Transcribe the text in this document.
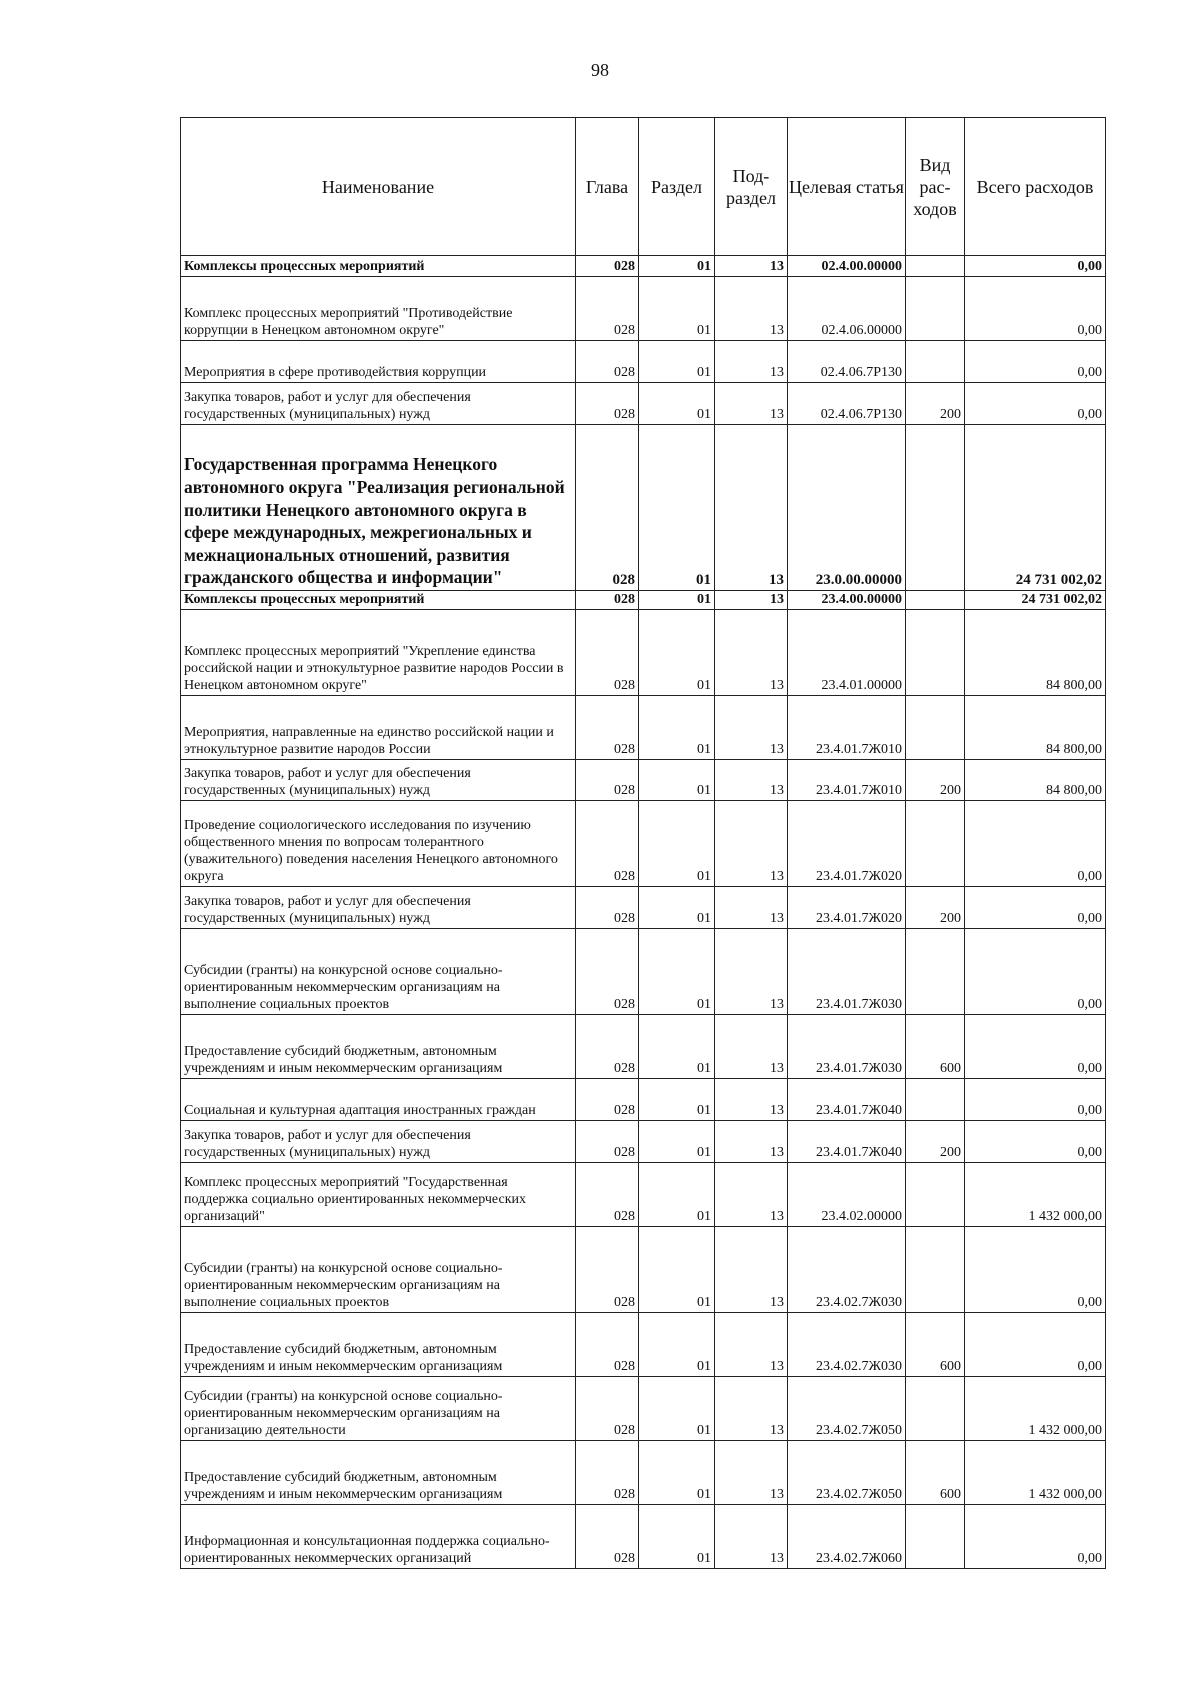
98
Наименование	Глава	Раздел	Под-раздел	Целевая статья	Вид рас-ходов	Всего расходов
Комплексы процессных мероприятий	028	01	13	02.4.00.00000		0,00
Комплекс процессных мероприятий "Противодействие коррупции в Ненецком автономном округе"	028	01	13	02.4.06.00000		0,00
Мероприятия в сфере противодействия коррупции	028	01	13	02.4.06.7Р130		0,00
Закупка товаров, работ и услуг для обеспечения государственных (муниципальных) нужд	028	01	13	02.4.06.7Р130	200	0,00
Государственная программа Ненецкого автономного округа "Реализация региональной политики Ненецкого автономного округа в сфере международных, межрегиональных и межнациональных отношений, развития гражданского общества и информации"	028	01	13	23.0.00.00000		24 731 002,02
Комплексы процессных мероприятий	028	01	13	23.4.00.00000		24 731 002,02
Комплекс процессных мероприятий "Укрепление единства российской нации и этнокультурное развитие народов России в Ненецком автономном округе"	028	01	13	23.4.01.00000		84 800,00
Мероприятия, направленные на единство российской нации и этнокультурное развитие народов России	028	01	13	23.4.01.7Ж010		84 800,00
Закупка товаров, работ и услуг для обеспечения государственных (муниципальных) нужд	028	01	13	23.4.01.7Ж010	200	84 800,00
Проведение социологического исследования по изучению общественного мнения по вопросам толерантного (уважительного) поведения населения Ненецкого автономного округа	028	01	13	23.4.01.7Ж020		0,00
Закупка товаров, работ и услуг для обеспечения государственных (муниципальных) нужд	028	01	13	23.4.01.7Ж020	200	0,00
Субсидии (гранты) на конкурсной основе социально-ориентированным некоммерческим организациям на выполнение социальных проектов	028	01	13	23.4.01.7Ж030		0,00
Предоставление субсидий бюджетным, автономным учреждениям и иным некоммерческим организациям	028	01	13	23.4.01.7Ж030	600	0,00
Социальная и культурная адаптация иностранных граждан	028	01	13	23.4.01.7Ж040		0,00
Закупка товаров, работ и услуг для обеспечения государственных (муниципальных) нужд	028	01	13	23.4.01.7Ж040	200	0,00
Комплекс процессных мероприятий "Государственная поддержка социально ориентированных некоммерческих организаций"	028	01	13	23.4.02.00000		1 432 000,00
Субсидии (гранты) на конкурсной основе социально-ориентированным некоммерческим организациям на выполнение социальных проектов	028	01	13	23.4.02.7Ж030		0,00
Предоставление субсидий бюджетным, автономным учреждениям и иным некоммерческим организациям	028	01	13	23.4.02.7Ж030	600	0,00
Субсидии (гранты) на конкурсной основе социально-ориентированным некоммерческим организациям на организацию деятельности	028	01	13	23.4.02.7Ж050		1 432 000,00
Предоставление субсидий бюджетным, автономным учреждениям и иным некоммерческим организациям	028	01	13	23.4.02.7Ж050	600	1 432 000,00
Информационная и консультационная поддержка социально-ориентированных некоммерческих организаций	028	01	13	23.4.02.7Ж060		0,00
